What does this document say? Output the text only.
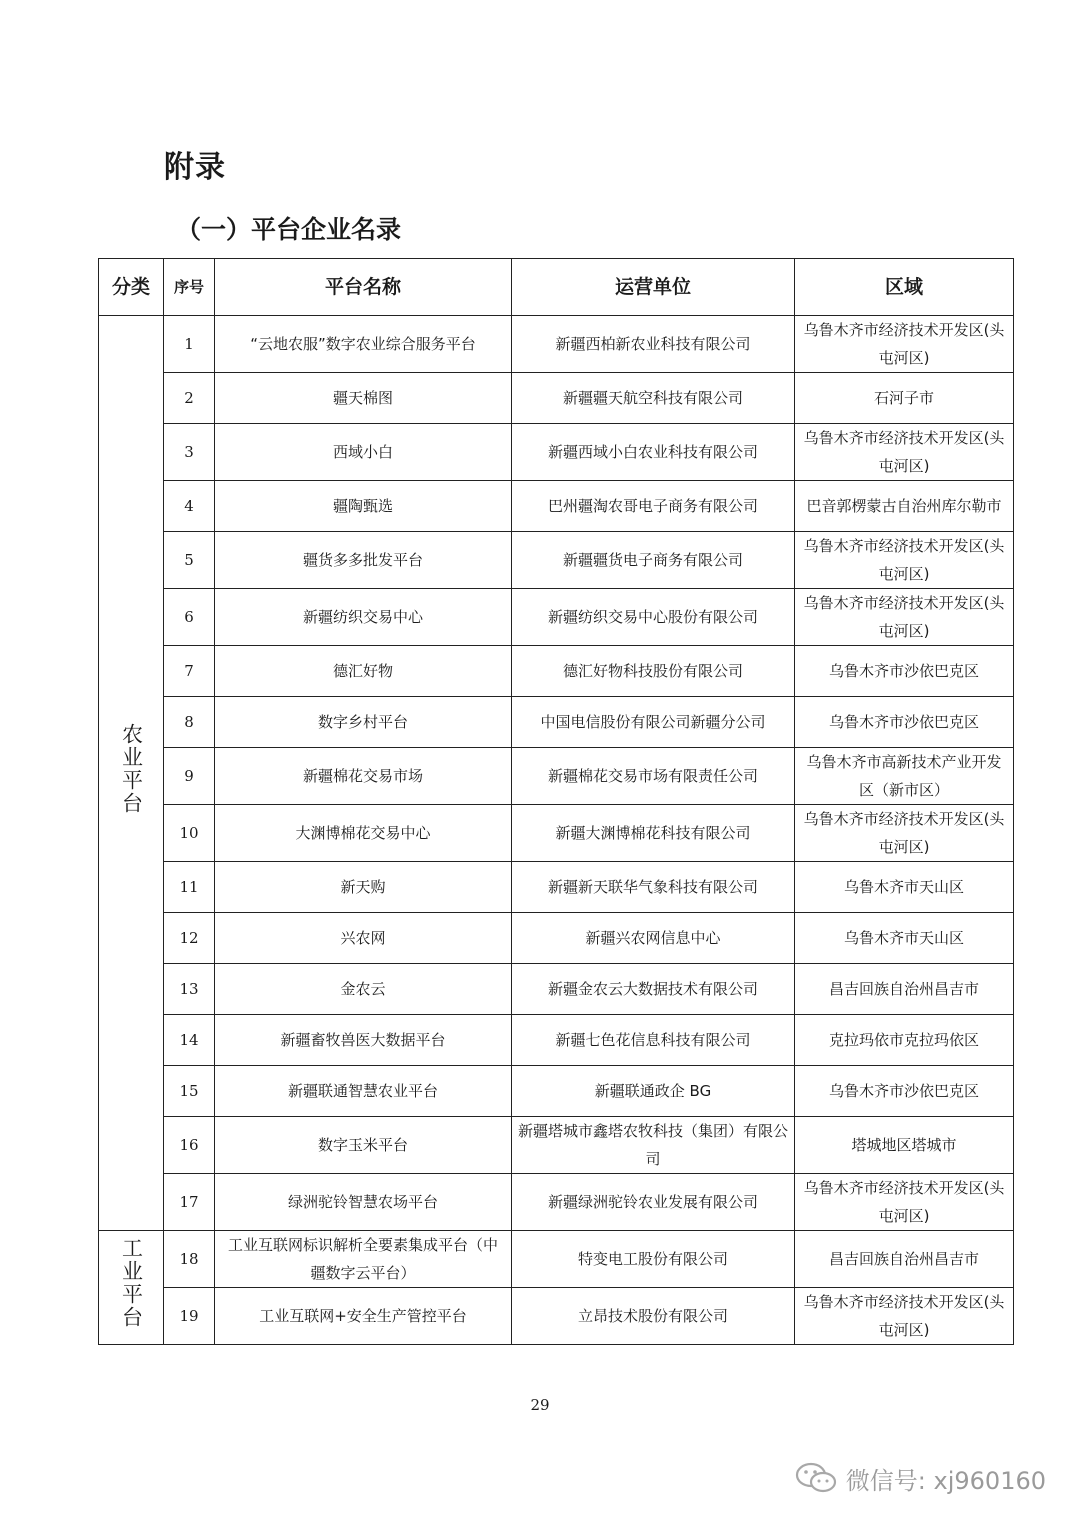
附录
（一）平台企业名录
分类	序号	平台名称	运营单位	区域
农业平台	1	“云地农服”数字农业综合服务平台	新疆西柏新农业科技有限公司	乌鲁木齐市经济技术开发区(头屯河区)
	2	疆天棉图	新疆疆天航空科技有限公司	石河子市
	3	西域小白	新疆西域小白农业科技有限公司	乌鲁木齐市经济技术开发区(头屯河区)
	4	疆陶甄选	巴州疆淘农哥电子商务有限公司	巴音郭楞蒙古自治州库尔勒市
	5	疆货多多批发平台	新疆疆货电子商务有限公司	乌鲁木齐市经济技术开发区(头屯河区)
	6	新疆纺织交易中心	新疆纺织交易中心股份有限公司	乌鲁木齐市经济技术开发区(头屯河区)
	7	德汇好物	德汇好物科技股份有限公司	乌鲁木齐市沙依巴克区
	8	数字乡村平台	中国电信股份有限公司新疆分公司	乌鲁木齐市沙依巴克区
	9	新疆棉花交易市场	新疆棉花交易市场有限责任公司	乌鲁木齐市高新技术产业开发区（新市区）
	10	大渊博棉花交易中心	新疆大渊博棉花科技有限公司	乌鲁木齐市经济技术开发区(头屯河区)
	11	新天购	新疆新天联华气象科技有限公司	乌鲁木齐市天山区
	12	兴农网	新疆兴农网信息中心	乌鲁木齐市天山区
	13	金农云	新疆金农云大数据技术有限公司	昌吉回族自治州昌吉市
	14	新疆畜牧兽医大数据平台	新疆七色花信息科技有限公司	克拉玛依市克拉玛依区
	15	新疆联通智慧农业平台	新疆联通政企 BG	乌鲁木齐市沙依巴克区
	16	数字玉米平台	新疆塔城市鑫塔农牧科技（集团）有限公司	塔城地区塔城市
	17	绿洲驼铃智慧农场平台	新疆绿洲驼铃农业发展有限公司	乌鲁木齐市经济技术开发区(头屯河区)
工业平台	18	工业互联网标识解析全要素集成平台（中疆数字云平台）	特变电工股份有限公司	昌吉回族自治州昌吉市
	19	工业互联网+安全生产管控平台	立昂技术股份有限公司	乌鲁木齐市经济技术开发区(头屯河区)
29
微信号: xj960160
